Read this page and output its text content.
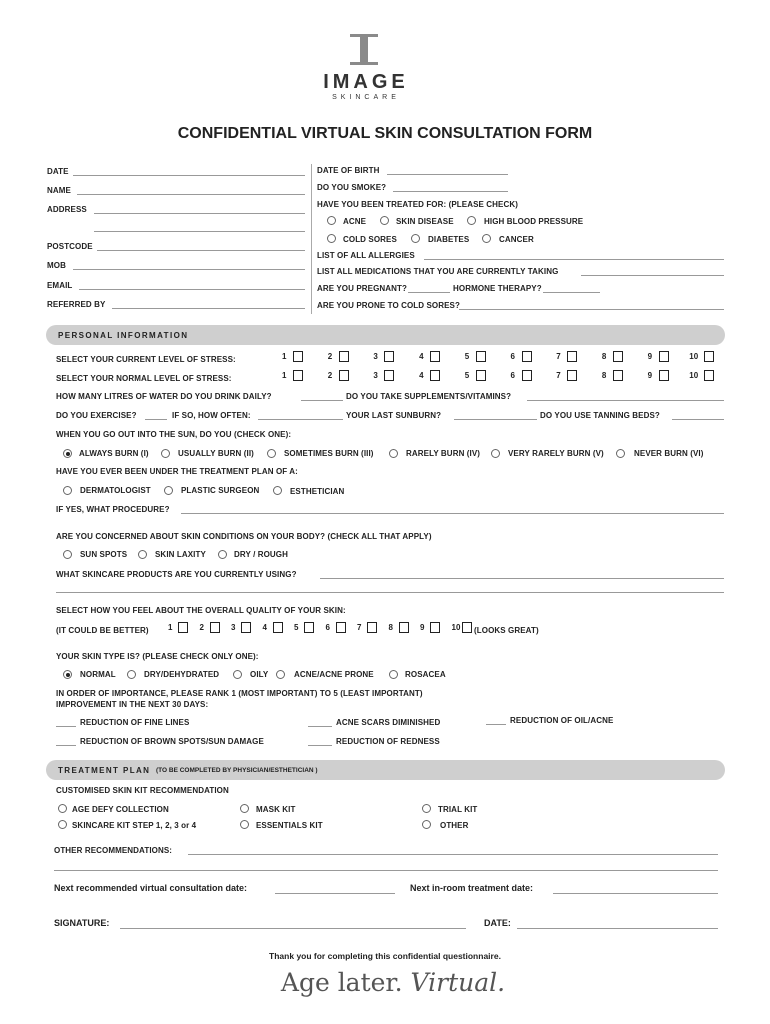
IMAGE
SKINCARE
CONFIDENTIAL VIRTUAL SKIN CONSULTATION FORM
DATE
NAME
ADDRESS
POSTCODE
MOB
EMAIL
REFERRED BY
DATE OF BIRTH
DO YOU SMOKE?
HAVE YOU BEEN TREATED FOR: (PLEASE CHECK)
ACNE	SKIN DISEASE	HIGH BLOOD PRESSURE
COLD SORES	DIABETES	CANCER
LIST OF ALL ALLERGIES
LIST ALL MEDICATIONS THAT YOU ARE CURRENTLY TAKING
ARE YOU PREGNANT?	HORMONE THERAPY?
ARE YOU PRONE TO COLD SORES?
PERSONAL INFORMATION
SELECT YOUR CURRENT LEVEL OF STRESS:	1	2	3	4	5	6	7	8	9	10
SELECT YOUR NORMAL LEVEL OF STRESS:	1	2	3	4	5	6	7	8	9	10
HOW MANY LITRES OF WATER DO YOU DRINK DAILY?	DO YOU TAKE SUPPLEMENTS/VITAMINS?
DO YOU EXERCISE?	IF SO, HOW OFTEN:	YOUR LAST SUNBURN?	DO YOU USE TANNING BEDS?
WHEN YOU GO OUT INTO THE SUN, DO YOU (CHECK ONE):
ALWAYS BURN (I)	USUALLY BURN (II)	SOMETIMES BURN (III)	RARELY BURN (IV)	VERY RARELY BURN (V)	NEVER BURN (VI)
HAVE YOU EVER BEEN UNDER THE TREATMENT PLAN OF A:
DERMATOLOGIST	PLASTIC SURGEON	ESTHETICIAN
IF YES, WHAT PROCEDURE?
ARE YOU CONCERNED ABOUT SKIN CONDITIONS ON YOUR BODY? (CHECK ALL THAT APPLY)
SUN SPOTS	SKIN LAXITY	DRY / ROUGH
WHAT SKINCARE PRODUCTS ARE YOU CURRENTLY USING?
SELECT HOW YOU FEEL ABOUT THE OVERALL QUALITY OF YOUR SKIN:
(IT COULD BE BETTER) 1	2	3	4	5	6	7	8	9	10 (LOOKS GREAT)
YOUR SKIN TYPE IS? (PLEASE CHECK ONLY ONE):
NORMAL	DRY/DEHYDRATED	OILY	ACNE/ACNE PRONE	ROSACEA
IN ORDER OF IMPORTANCE, PLEASE RANK 1 (MOST IMPORTANT) TO 5 (LEAST IMPORTANT)
IMPROVEMENT IN THE NEXT 30 DAYS:
REDUCTION OF FINE LINES	ACNE SCARS DIMINISHED	REDUCTION OF OIL/ACNE
REDUCTION OF BROWN SPOTS/SUN DAMAGE	REDUCTION OF REDNESS
TREATMENT PLAN (TO BE COMPLETED BY PHYSICIAN/ESTHETICIAN )
CUSTOMISED SKIN KIT RECOMMENDATION
AGE DEFY COLLECTION	MASK KIT	TRIAL KIT
SKINCARE KIT STEP 1, 2, 3 or 4	ESSENTIALS KIT	OTHER
OTHER RECOMMENDATIONS:
Next recommended virtual consultation date:	Next in-room treatment date:
SIGNATURE:	DATE:
Thank you for completing this confidential questionnaire.
Age later. Virtual.
